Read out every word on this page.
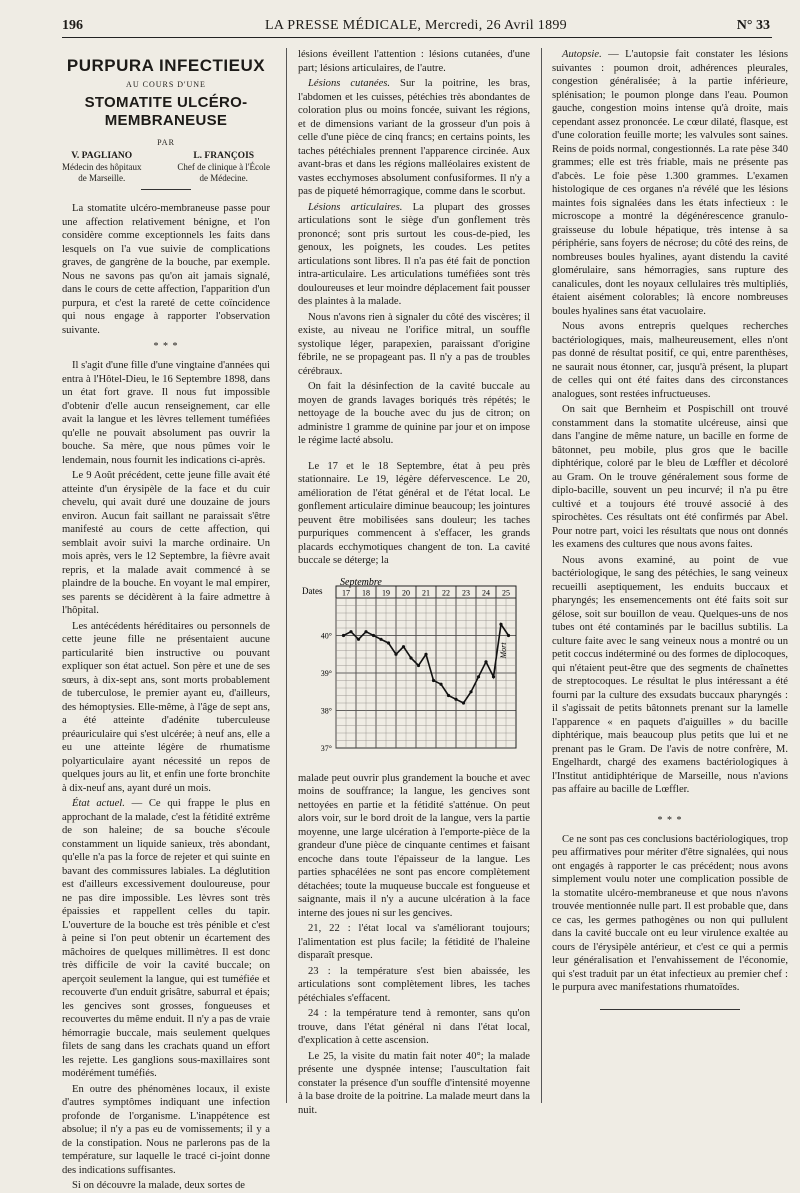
196	LA PRESSE MÉDICALE, Mercredi, 26 Avril 1899	N° 33
PURPURA INFECTIEUX
AU COURS D'UNE
STOMATITE ULCÉRO-MEMBRANEUSE
PAR
V. PAGLIANO
Médecin des hôpitaux
de Marseille.
L. FRANÇOIS
Chef de clinique à l'École
de Médecine.

La stomatite ulcéro-membraneuse passe pour une affection relativement bénigne, et l'on considère comme exceptionnels les faits dans lesquels on l'a vue suivie de complications graves, de gangrène de la bouche, par exemple. Nous ne savons pas qu'on ait jamais signalé, dans le cours de cette affection, l'apparition d'un purpura, et c'est la rareté de cette coïncidence qui nous engage à rapporter l'observation suivante.

* * *

Il s'agit d'une fille d'une vingtaine d'années qui entra à l'Hôtel-Dieu, le 16 Septembre 1898, dans un état fort grave. Il nous fut impossible d'obtenir d'elle aucun renseignement, car elle avait la langue et les lèvres tellement tuméfiées qu'elle ne pouvait absolument pas ouvrir la bouche. Sa mère, que nous pûmes voir le lendemain, nous fournit les indications ci-après.

Le 9 Août précédent, cette jeune fille avait été atteinte d'un érysipèle de la face et du cuir chevelu, qui avait duré une douzaine de jours environ. Aucun fait saillant ne paraissait s'être manifesté au cours de cette affection, qui semblait avoir suivi la marche ordinaire. Un mois après, vers le 12 Septembre, la fièvre avait repris, et la malade avait commencé à se plaindre de la bouche. En voyant le mal empirer, ses parents se décidèrent à la faire admettre à l'hôpital.

Les antécédents héréditaires ou personnels de cette jeune fille ne présentaient aucune particularité bien instructive ou pouvant expliquer son état actuel. Son père et une de ses sœurs, à dix-sept ans, sont morts probablement de tuberculose, le premier ayant eu, d'ailleurs, des hémoptysies. Elle-même, à l'âge de sept ans, a été atteinte d'adénite tuberculeuse préauriculaire qui s'est ulcérée; à neuf ans, elle a eu une atteinte légère de rhumatisme polyarticulaire ayant nécessité un repos de quelques jours au lit, et enfin une forte bronchite à dix-neuf ans, ayant duré un mois.

État actuel. — Ce qui frappe le plus en approchant de la malade, c'est la fétidité extrême de son haleine; de sa bouche s'écoule constamment un liquide sanieux, très abondant, qu'elle n'a pas la force de rejeter et qui suinte en bavant des commissures labiales. La déglutition est d'ailleurs excessivement douloureuse, pour ne pas dire impossible. Les lèvres sont très épaissies et rappellent celles du tapir. L'ouverture de la bouche est très pénible et c'est à peine si l'on peut obtenir un écartement des mâchoires de quelques millimètres. Il est donc très difficile de voir la cavité buccale; on aperçoit seulement la langue, qui est tuméfiée et recouverte d'un enduit grisâtre, saburral et épais; les gencives sont grosses, fongueuses et recouvertes du même enduit. Il n'y a pas de vraie hémorragie buccale, mais seulement quelques filets de sang dans les crachats quand un effort les rejette. Les ganglions sous-maxillaires sont modérément tuméfiés.

En outre des phénomènes locaux, il existe d'autres symptômes indiquant une infection profonde de l'organisme. L'inappétence est absolue; il n'y a pas eu de vomissements; il y a de la constipation. Nous ne parlerons pas de la température, sur laquelle le tracé ci-joint donne des indications suffisantes.

Si on découvre la malade, deux sortes de

lésions éveillent l'attention : lésions cutanées, d'une part; lésions articulaires, de l'autre.

Lésions cutanées. Sur la poitrine, les bras, l'abdomen et les cuisses, pétéchies très abondantes de coloration plus ou moins foncée, suivant les régions, et de dimensions variant de la grosseur d'un pois à celle d'une pièce de cinq francs; en certains points, les taches pétéchiales prennent l'apparence circinée. Aux avant-bras et dans les régions malléolaires existent de vastes ecchymoses absolument confusiformes. Il n'y a pas de piqueté hémorragique, comme dans le scorbut.

Lésions articulaires. La plupart des grosses articulations sont le siège d'un gonflement très prononcé; sont pris surtout les cous-de-pied, les genoux, les poignets, les coudes. Les petites articulations sont libres. Il n'a pas été fait de ponction intra-articulaire. Les articulations tuméfiées sont très douloureuses et leur moindre déplacement fait pousser des plaintes à la malade.

Nous n'avons rien à signaler du côté des viscères; il existe, au niveau ne l'orifice mitral, un souffle systolique léger, parapexien, paraissant d'origine fébrile, ne se propageant pas. Il n'y a pas de troubles cérébraux.

On fait la désinfection de la cavité buccale au moyen de grands lavages boriqués très répétés; le nettoyage de la bouche avec du jus de citron; on administre 1 gramme de quinine par jour et on impose le régime lacté absolu.

Le 17 et le 18 Septembre, état à peu près stationnaire. Le 19, légère défervescence. Le 20, amélioration de l'état général et de l'état local. Le gonflement articulaire diminue beaucoup; les jointures peuvent être mobilisées sans douleur; les taches purpuriques commencent à s'effacer, les grands placards ecchymotiques changent de ton. La cavité buccale se déterge; la

Septembre
Dates 17 18 19 20 21 22 23 24 25
40°
39°
38°
37°
Mort

malade peut ouvrir plus grandement la bouche et avec moins de souffrance; la langue, les gencives sont nettoyées en partie et la fétidité s'atténue. On peut alors voir, sur le bord droit de la langue, vers la partie moyenne, une large ulcération à l'emporte-pièce de la grandeur d'une pièce de cinquante centimes et faisant encoche dans toute l'épaisseur de la langue. Les parties sphacélées ne sont pas encore complètement détachées; toute la muqueuse buccale est fongueuse et saignante, mais il n'y a aucune ulcération à la face interne des joues ni sur les gencives.

21, 22 : l'état local va s'améliorant toujours; l'alimentation est plus facile; la fétidité de l'haleine disparaît presque.

23 : la température s'est bien abaissée, les articulations sont complètement libres, les taches pétéchiales s'effacent.

24 : la température tend à remonter, sans qu'on trouve, dans l'état général ni dans l'état local, d'explication à cette ascension.

Le 25, la visite du matin fait noter 40°; la malade présente une dyspnée intense; l'auscultation fait constater la présence d'un souffle d'intensité moyenne à la base droite de la poitrine. La malade meurt dans la nuit.

Autopsie. — L'autopsie fait constater les lésions suivantes : poumon droit, adhérences pleurales, congestion généralisée; à la partie inférieure, splénisation; le poumon plonge dans l'eau. Poumon gauche, congestion moins intense qu'à droite, mais cependant assez prononcée. Le cœur dilaté, flasque, est d'une coloration feuille morte; les valvules sont saines. Reins de poids normal, congestionnés. La rate pèse 340 grammes; elle est très friable, mais ne présente pas d'abcès. Le foie pèse 1.300 grammes. L'examen histologique de ces organes n'a révélé que les lésions maintes fois signalées dans les états infectieux : le microscope a montré la dégénérescence granulo-graisseuse du lobule hépatique, très intense à sa périphérie, sans foyers de nécrose; du côté des reins, de nombreuses boules hyalines, ayant distendu la cavité glomérulaire, sans hémorragies, sans rupture des canalicules, dont les noyaux cellulaires très multipliés, étaient aisément colorables; là encore nombreuses boules hyalines sans état vacuolaire.

Nous avons entrepris quelques recherches bactériologiques, mais, malheureusement, elles n'ont pas donné de résultat positif, ce qui, entre parenthèses, ne saurait nous étonner, car, jusqu'à présent, la plupart de celles qui ont été faites dans des circonstances analogues, sont restées infructueuses.

On sait que Bernheim et Pospischill ont trouvé constamment dans la stomatite ulcéreuse, ainsi que dans l'angine de même nature, un bacille en forme de bâtonnet, peu mobile, plus gros que le bacille diphtérique, coloré par le bleu de Lœffler et décoloré au Gram. On le trouve généralement sous forme de diplo-bacille, souvent un peu incurvé; il n'a pu être cultivé et a toujours été trouvé associé à des spirochètes. Ces résultats ont été confirmés par Abel. Pour notre part, voici les résultats que nous ont donnés les examens des cultures que nous avons faites.

Nous avons examiné, au point de vue bactériologique, le sang des pétéchies, le sang veineux recueilli aseptiquement, les enduits buccaux et pharyngés; les ensemencements ont été faits soit sur gélose, soit sur bouillon de veau. Quelques-uns de nos tubes ont été contaminés par le bacillus subtilis. La culture faite avec le sang veineux nous a montré ou un petit coccus indéterminé ou des formes de diplocoques, qui n'étaient peut-être que des segments de chaînettes de streptocoques. Le résultat le plus intéressant a été fourni par la culture des exsudats buccaux pharyngés : il s'agissait de petits bâtonnets prenant sur la lamelle l'apparence « en paquets d'aiguilles » du bacille diphtérique, mais beaucoup plus petits que lui et ne prenant pas le Gram. De l'avis de notre confrère, M. Engelhardt, chargé des examens bactériologiques à l'Institut antidiphtérique de Marseille, nous n'avions pas affaire au bacille de Lœffler.

* * *

Ce ne sont pas ces conclusions bactériologiques, trop peu affirmatives pour mériter d'être signalées, qui nous ont engagés à rapporter le cas précédent; nous avons simplement voulu noter une complication possible de la stomatite ulcéro-membraneuse et que nous n'avons trouvée mentionnée nulle part. Il est probable que, dans ce cas, les germes pathogènes ou non qui pullulent dans la cavité buccale ont eu leur virulence exaltée au cours de l'érysipèle antérieur, et c'est ce qui a permis leur généralisation et l'envahissement de l'économie, qui s'est traduit par un état infectieux au premier chef : le purpura avec manifestations rhumatoïdes.
